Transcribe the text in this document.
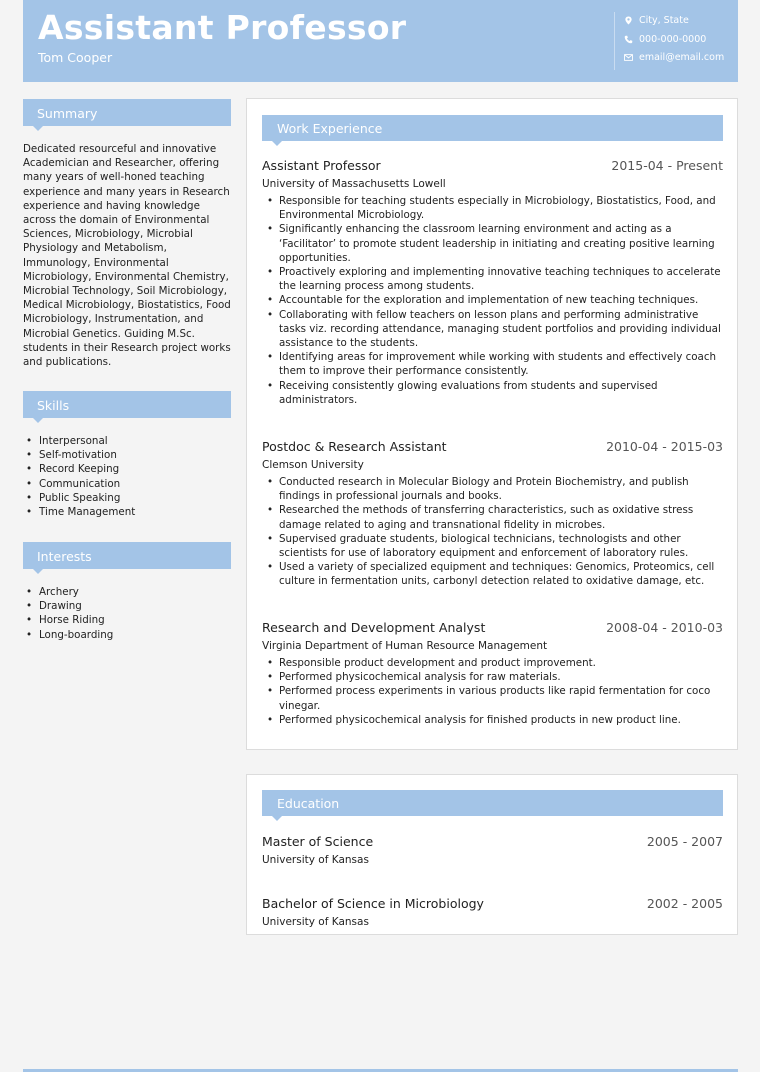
Assistant Professor
Tom Cooper
City, State
000-000-0000
email@email.com
Summary
Dedicated resourceful and innovative Academician and Researcher, offering many years of well-honed teaching experience and many years in Research experience and having knowledge across the domain of Environmental Sciences, Microbiology, Microbial Physiology and Metabolism, Immunology, Environmental Microbiology, Environmental Chemistry, Microbial Technology, Soil Microbiology, Medical Microbiology, Biostatistics, Food Microbiology, Instrumentation, and Microbial Genetics. Guiding M.Sc. students in their Research project works and publications.
Skills
• Interpersonal
• Self-motivation
• Record Keeping
• Communication
• Public Speaking
• Time Management
Interests
• Archery
• Drawing
• Horse Riding
• Long-boarding
Work Experience
Assistant Professor	2015-04 - Present
University of Massachusetts Lowell
• Responsible for teaching students especially in Microbiology, Biostatistics, Food, and Environmental Microbiology.
• Significantly enhancing the classroom learning environment and acting as a ‘Facilitator’ to promote student leadership in initiating and creating positive learning opportunities.
• Proactively exploring and implementing innovative teaching techniques to accelerate the learning process among students.
• Accountable for the exploration and implementation of new teaching techniques.
• Collaborating with fellow teachers on lesson plans and performing administrative tasks viz. recording attendance, managing student portfolios and providing individual assistance to the students.
• Identifying areas for improvement while working with students and effectively coach them to improve their performance consistently.
• Receiving consistently glowing evaluations from students and supervised administrators.
Postdoc & Research Assistant	2010-04 - 2015-03
Clemson University
• Conducted research in Molecular Biology and Protein Biochemistry, and publish findings in professional journals and books.
• Researched the methods of transferring characteristics, such as oxidative stress damage related to aging and transnational fidelity in microbes.
• Supervised graduate students, biological technicians, technologists and other scientists for use of laboratory equipment and enforcement of laboratory rules.
• Used a variety of specialized equipment and techniques: Genomics, Proteomics, cell culture in fermentation units, carbonyl detection related to oxidative damage, etc.
Research and Development Analyst	2008-04 - 2010-03
Virginia Department of Human Resource Management
• Responsible product development and product improvement.
• Performed physicochemical analysis for raw materials.
• Performed process experiments in various products like rapid fermentation for coco vinegar.
• Performed physicochemical analysis for finished products in new product line.
Education
Master of Science	2005 - 2007
University of Kansas
Bachelor of Science in Microbiology	2002 - 2005
University of Kansas
